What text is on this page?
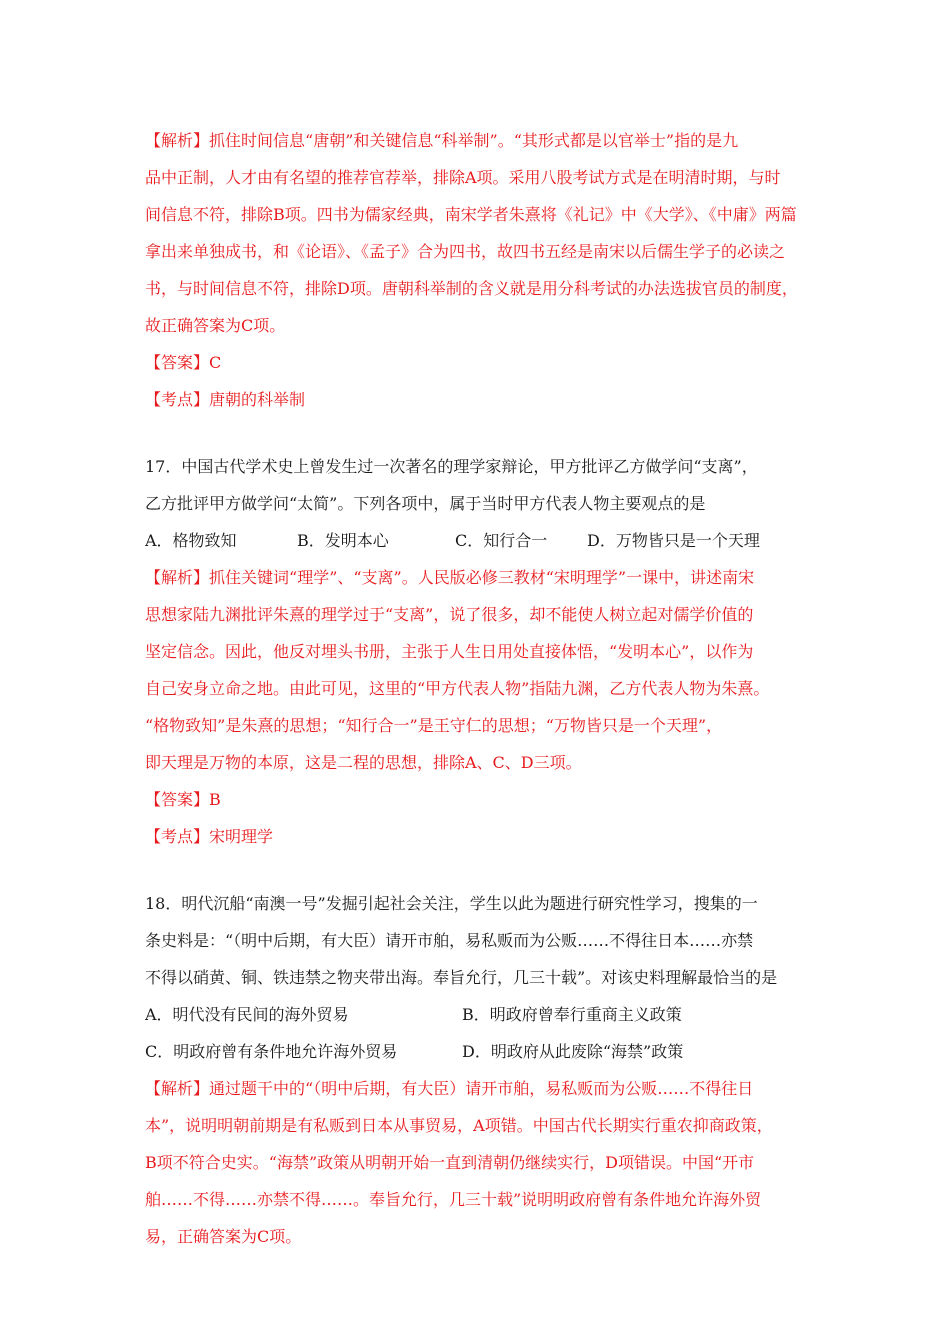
【解析】抓住时间信息“唐朝”和关键信息“科举制”。“其形式都是以官举士”指的是九
品中正制，人才由有名望的推荐官荐举，排除A项。采用八股考试方式是在明清时期，与时
间信息不符，排除B项。四书为儒家经典，南宋学者朱熹将《礼记》中《大学》、《中庸》两篇
拿出来单独成书，和《论语》、《孟子》合为四书，故四书五经是南宋以后儒生学子的必读之
书，与时间信息不符，排除D项。唐朝科举制的含义就是用分科考试的办法选拔官员的制度，
故正确答案为C项。
【答案】C
【考点】唐朝的科举制
17．中国古代学术史上曾发生过一次著名的理学家辩论，甲方批评乙方做学问“支离”，
乙方批评甲方做学问“太简”。下列各项中，属于当时甲方代表人物主要观点的是
A．格物致知	B．发明本心	C．知行合一	D．万物皆只是一个天理
【解析】抓住关键词“理学”、“支离”。人民版必修三教材“宋明理学”一课中，讲述南宋
思想家陆九渊批评朱熹的理学过于“支离”，说了很多，却不能使人树立起对儒学价值的
坚定信念。因此，他反对埋头书册，主张于人生日用处直接体悟，“发明本心”，以作为
自己安身立命之地。由此可见，这里的“甲方代表人物”指陆九渊，乙方代表人物为朱熹。
“格物致知”是朱熹的思想；“知行合一”是王守仁的思想；“万物皆只是一个天理”，
即天理是万物的本原，这是二程的思想，排除A、C、D三项。
【答案】B
【考点】宋明理学
18．明代沉船“南澳一号”发掘引起社会关注，学生以此为题进行研究性学习，搜集的一
条史料是：“（明中后期，有大臣）请开市舶，易私贩而为公贩……不得往日本……亦禁
不得以硝黄、铜、铁违禁之物夹带出海。奉旨允行，几三十载”。对该史料理解最恰当的是
A．明代没有民间的海外贸易	B．明政府曾奉行重商主义政策
C．明政府曾有条件地允许海外贸易	D．明政府从此废除“海禁”政策
【解析】通过题干中的“（明中后期，有大臣）请开市舶，易私贩而为公贩……不得往日
本”，说明明朝前期是有私贩到日本从事贸易，A项错。中国古代长期实行重农抑商政策，
B项不符合史实。“海禁”政策从明朝开始一直到清朝仍继续实行，D项错误。中国“开市
舶……不得……亦禁不得……。奉旨允行，几三十载”说明明政府曾有条件地允许海外贸
易，正确答案为C项。
